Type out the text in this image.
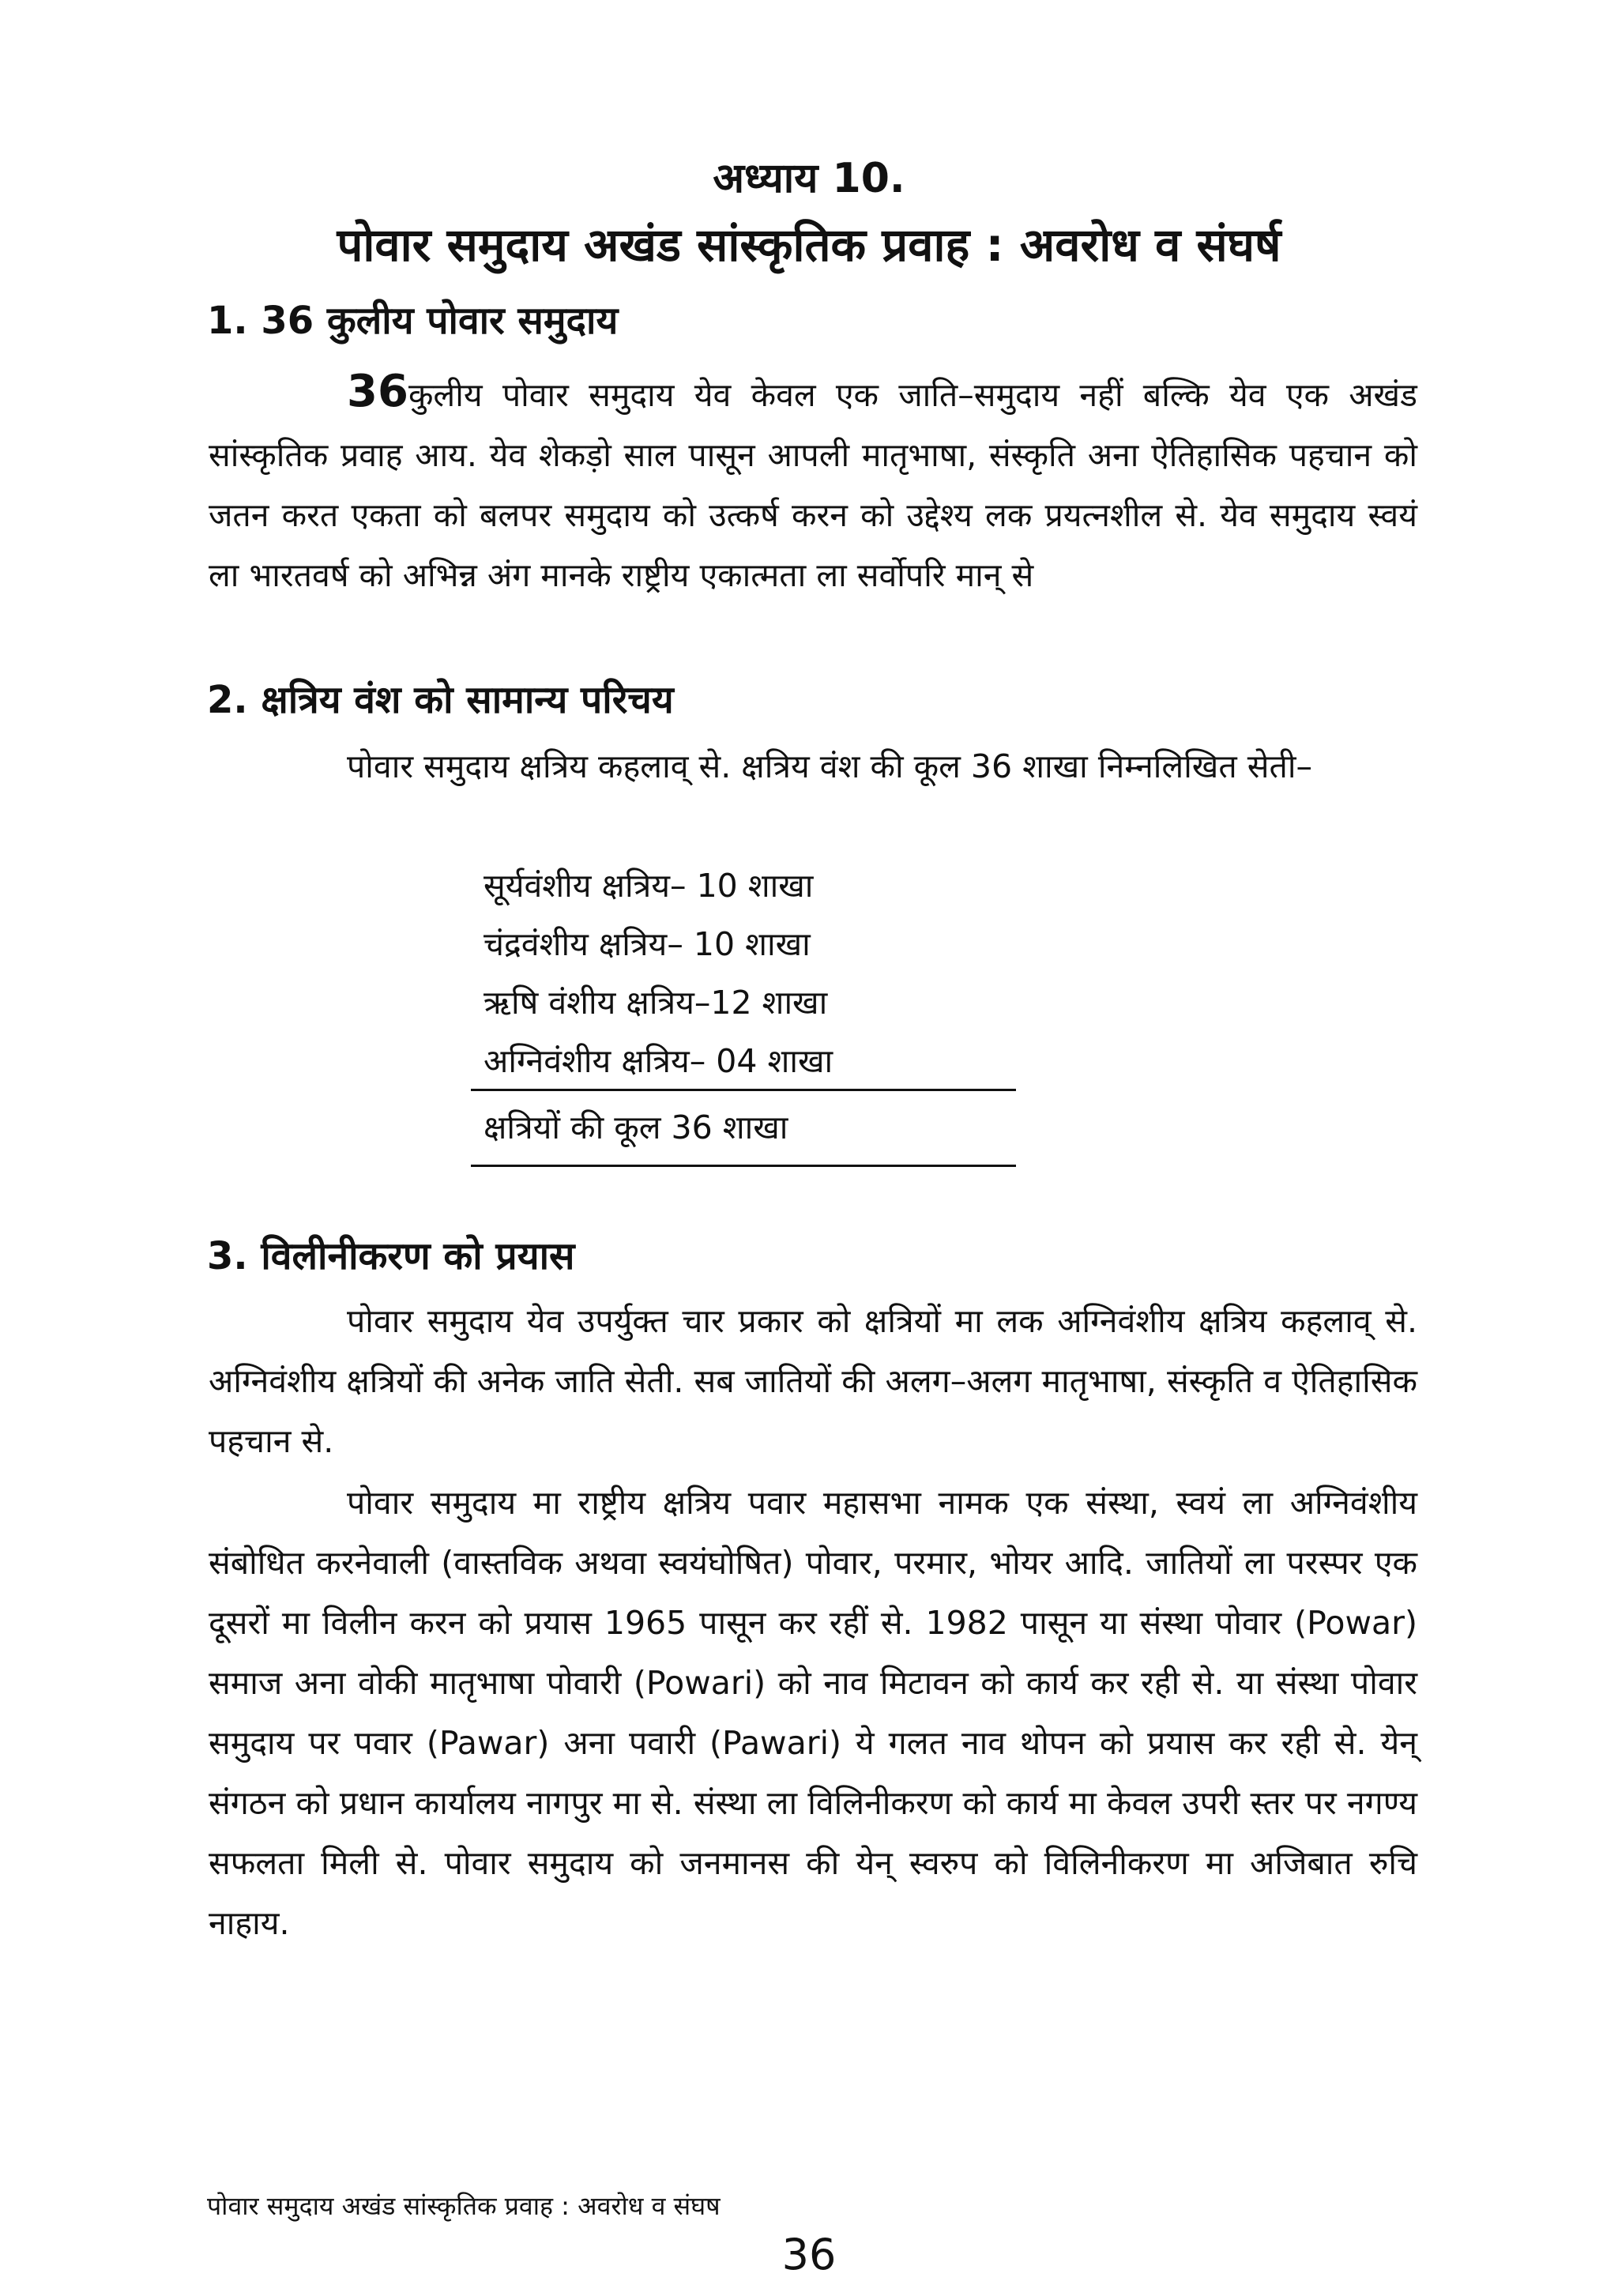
अध्याय 10.
पोवार समुदाय अखंड सांस्कृतिक प्रवाह : अवरोध व संघर्ष
1. 36 कुलीय पोवार समुदाय

36कुलीय पोवार समुदाय येव केवल एक जाति–समुदाय नहीं बल्कि येव एक अखंड सांस्कृतिक प्रवाह आय. येव शेकड़ो साल पासून आपली मातृभाषा, संस्कृति अना ऐतिहासिक पहचान को जतन करत एकता को बलपर समुदाय को उत्कर्ष करन को उद्देश्य लक प्रयत्नशील से. येव समुदाय स्वयं ला भारतवर्ष को अभिन्न अंग मानके राष्ट्रीय एकात्मता ला सर्वोपरि मान् से

2. क्षत्रिय वंश को सामान्य परिचय

पोवार समुदाय क्षत्रिय कहलाव् से. क्षत्रिय वंश की कूल 36 शाखा निम्नलिखित सेती–

सूर्यवंशीय क्षत्रिय– 10 शाखा
चंद्रवंशीय क्षत्रिय– 10 शाखा
ऋषि वंशीय क्षत्रिय–12 शाखा
अग्निवंशीय क्षत्रिय– 04 शाखा
क्षत्रियों की कूल 36 शाखा
3. विलीनीकरण को प्रयास

पोवार समुदाय येव उपर्युक्त चार प्रकार को क्षत्रियों मा लक अग्निवंशीय क्षत्रिय कहलाव् से. अग्निवंशीय क्षत्रियों की अनेक जाति सेती. सब जातियों की अलग–अलग मातृभाषा, संस्कृति व ऐतिहासिक पहचान से.

पोवार समुदाय मा राष्ट्रीय क्षत्रिय पवार महासभा नामक एक संस्था, स्वयं ला अग्निवंशीय संबोधित करनेवाली (वास्तविक अथवा स्वयंघोषित) पोवार, परमार, भोयर आदि. जातियों ला परस्पर एक दूसरों मा विलीन करन को प्रयास 1965 पासून कर रहीं से. 1982 पासून या संस्था पोवार (Powar) समाज अना वोकी मातृभाषा पोवारी (Powari) को नाव मिटावन को कार्य कर रही से. या संस्था पोवार समुदाय पर पवार (Pawar) अना पवारी (Pawari) ये गलत नाव थोपन को प्रयास कर रही से. येन् संगठन को प्रधान कार्यालय नागपुर मा से. संस्था ला विलिनीकरण को कार्य मा केवल उपरी स्तर पर नगण्य सफलता मिली से. पोवार समुदाय को जनमानस की येन् स्वरुप को विलिनीकरण मा अजिबात रुचि नाहाय.

पोवार समुदाय अखंड सांस्कृतिक प्रवाह : अवरोध व संघष
36
